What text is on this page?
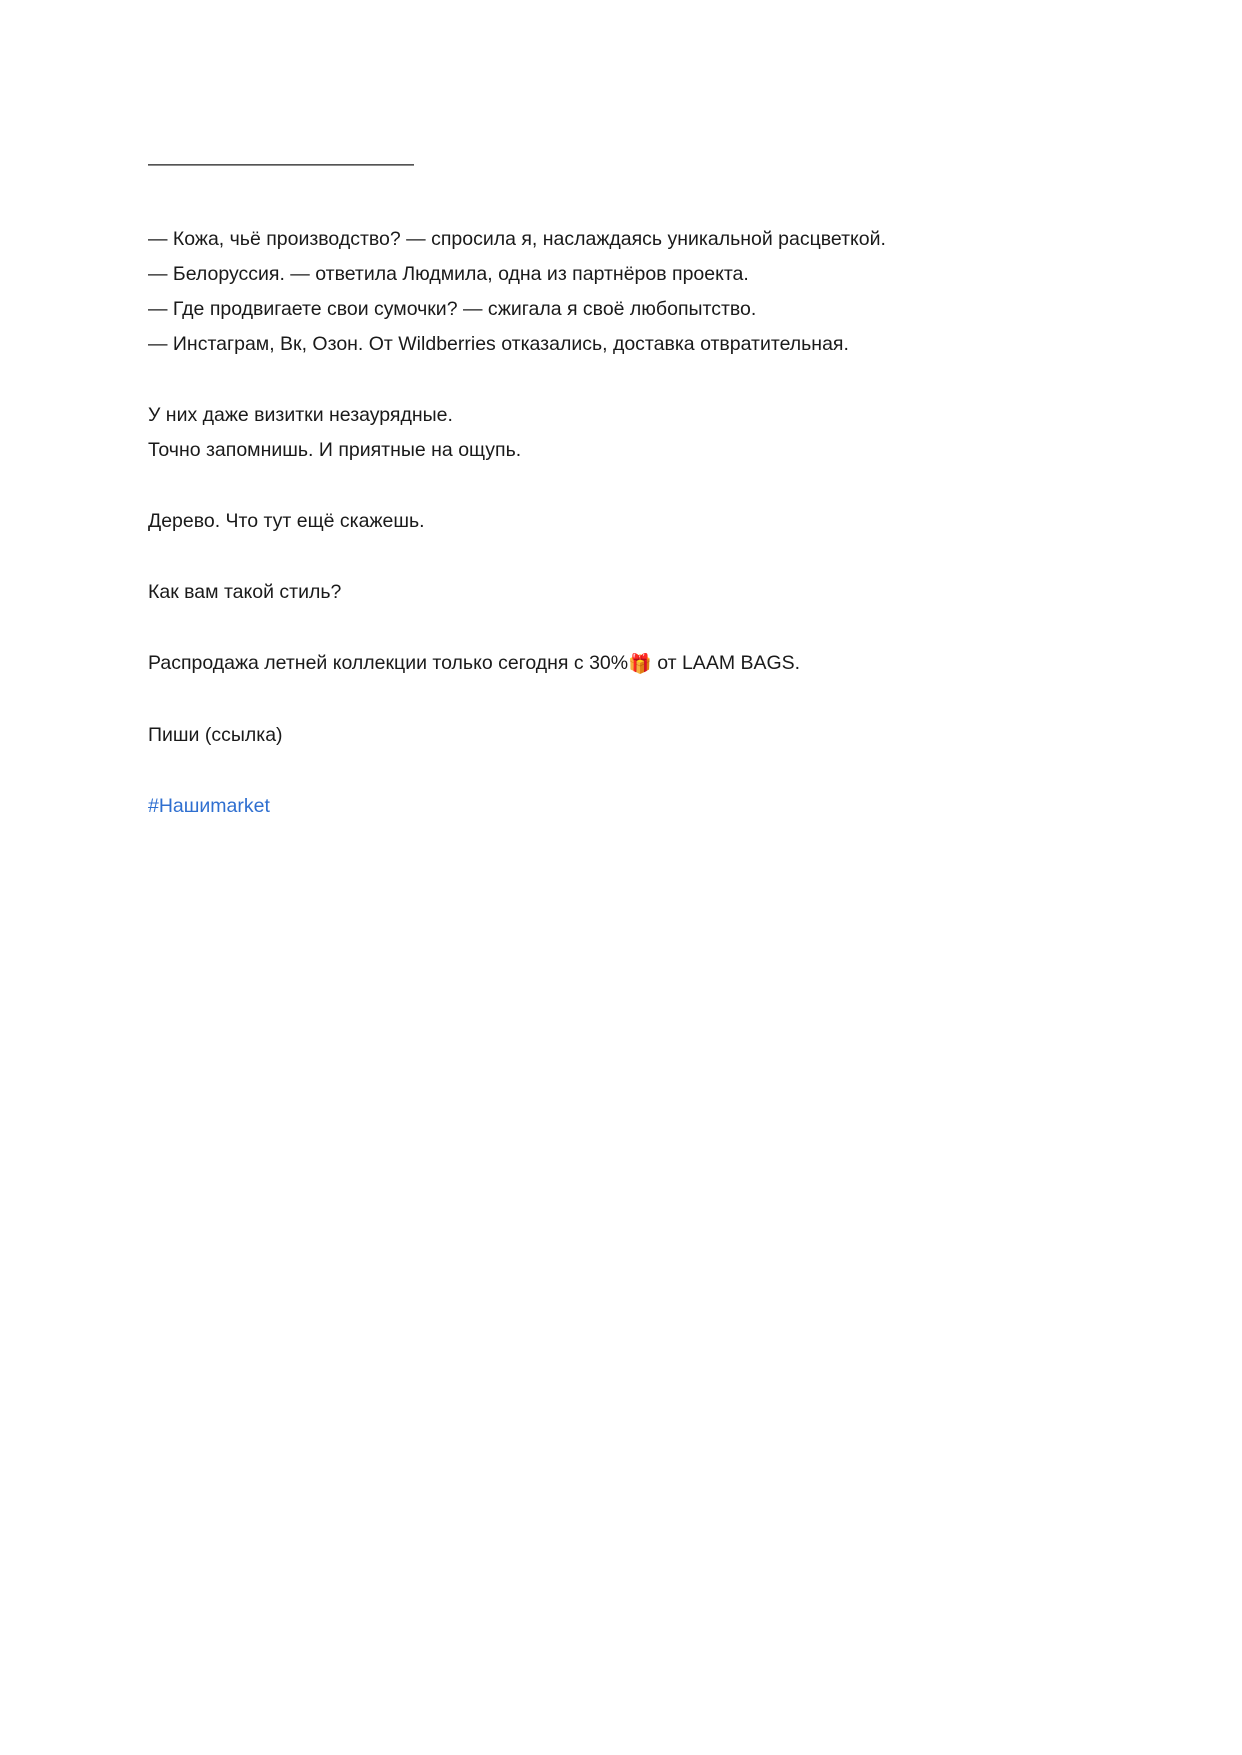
——————————————
— Кожа, чьё производство? — спросила я, наслаждаясь уникальной расцветкой.
— Белоруссия. — ответила Людмила, одна из партнёров проекта.
— Где продвигаете свои сумочки? — сжигала я своё любопытство.
— Инстаграм, Вк, Озон. От Wildberries отказались, доставка отвратительная.
У них даже визитки незаурядные.
Точно запомнишь. И приятные на ощупь.
Дерево. Что тут ещё скажешь.
Как вам такой стиль?
Распродажа летней коллекции только сегодня с 30%🎁 от LAAM BAGS.
Пиши (ссылка)
#Нашиmarket
